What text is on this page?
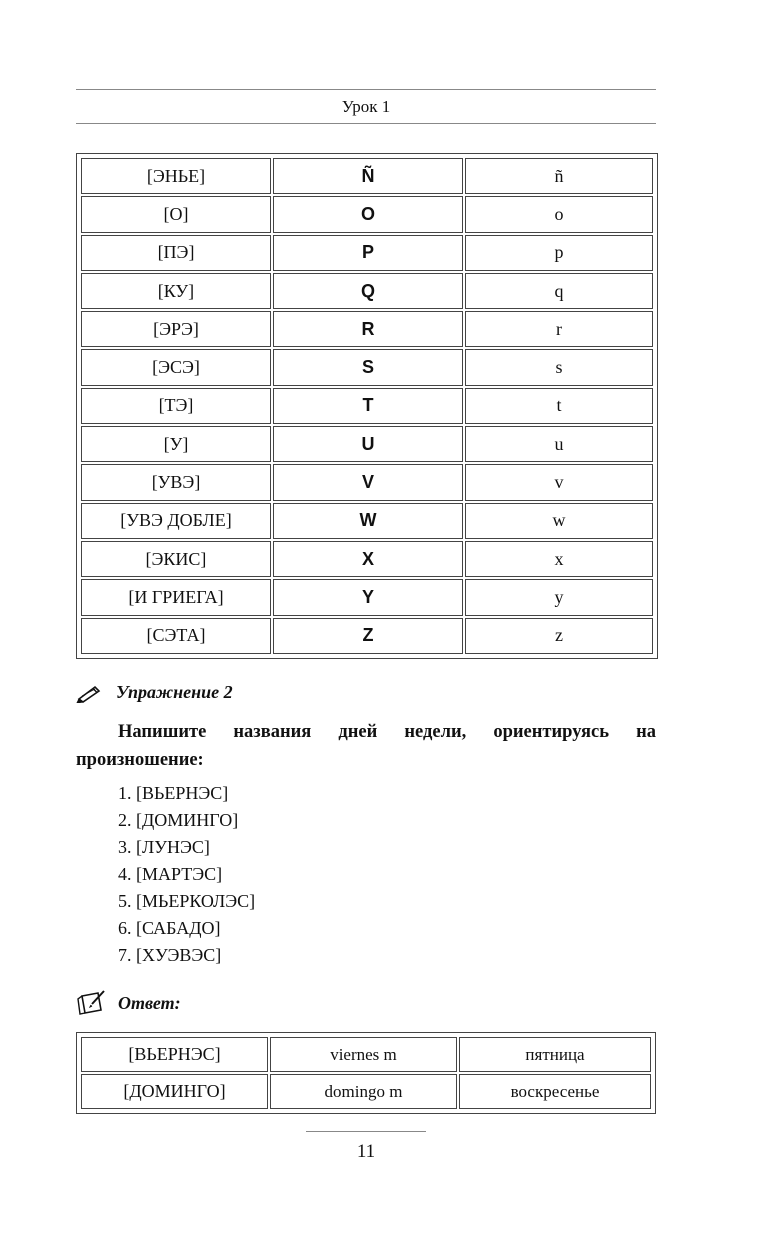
Урок 1
[ЭНЬЕ]	Ñ	ñ
[О]	O	o
[ПЭ]	P	p
[КУ]	Q	q
[ЭРЭ]	R	r
[ЭСЭ]	S	s
[ТЭ]	T	t
[У]	U	u
[УВЭ]	V	v
[УВЭ ДОБЛЕ]	W	w
[ЭКИС]	X	x
[И ГРИЕГА]	Y	y
[СЭТА]	Z	z
Упражнение 2
Напишите названия дней недели, ориентируясь на произношение:
1. [ВЬЕРНЭС]
2. [ДОМИНГО]
3. [ЛУНЭС]
4. [МАРТЭС]
5. [МЬЕРКОЛЭС]
6. [САБАДО]
7. [ХУЭВЭС]
Ответ:
[ВЬЕРНЭС]	viernes m	пятница
[ДОМИНГО]	domingo m	воскресенье
11
